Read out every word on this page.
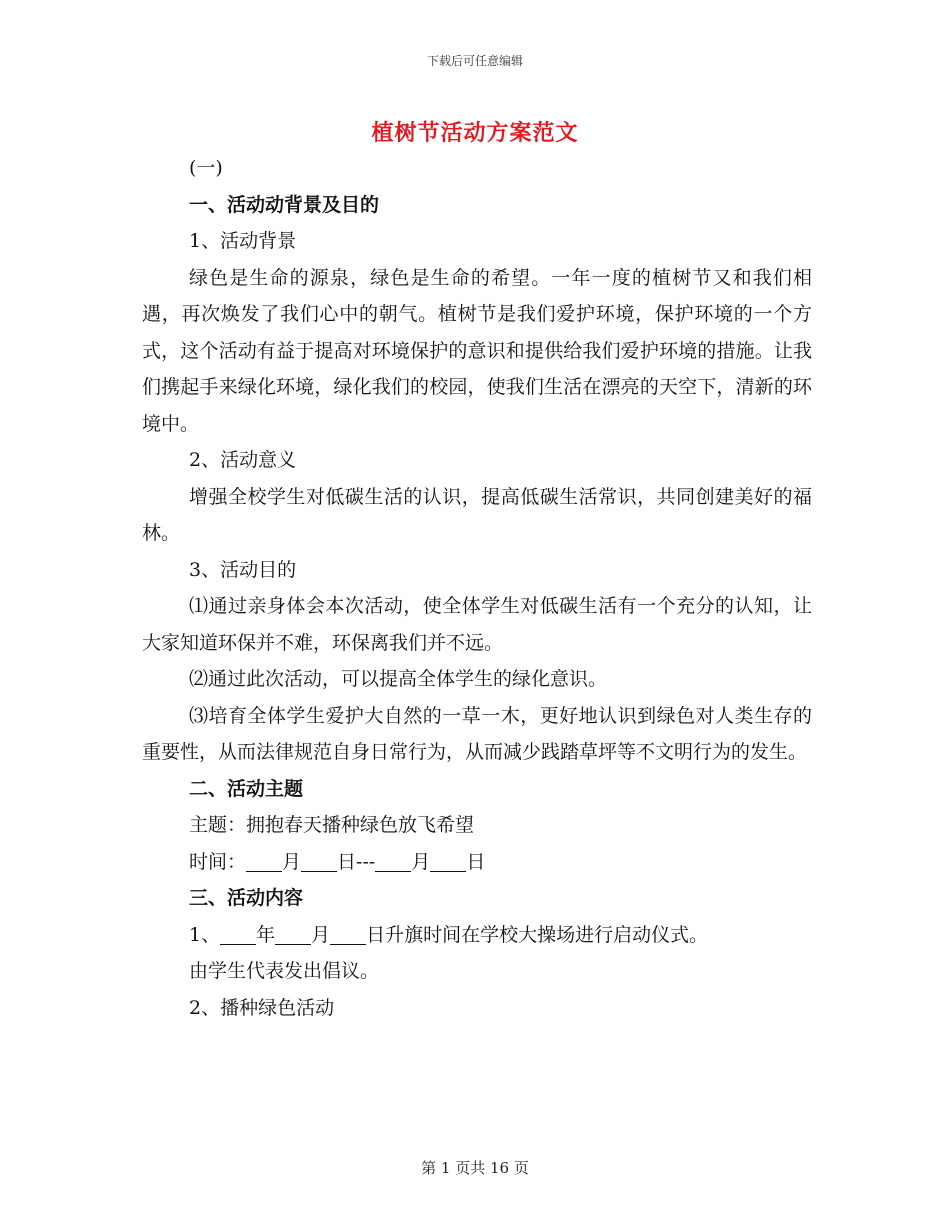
下载后可任意编辑
植树节活动方案范文

(一)

一、活动动背景及目的

1、活动背景

绿色是生命的源泉，绿色是生命的希望。一年一度的植树节又和我们相遇，再次焕发了我们心中的朝气。植树节是我们爱护环境，保护环境的一个方式，这个活动有益于提高对环境保护的意识和提供给我们爱护环境的措施。让我们携起手来绿化环境，绿化我们的校园，使我们生活在漂亮的天空下，清新的环境中。

2、活动意义

增强全校学生对低碳生活的认识，提高低碳生活常识，共同创建美好的福林。

3、活动目的

⑴通过亲身体会本次活动，使全体学生对低碳生活有一个充分的认知，让大家知道环保并不难，环保离我们并不远。

⑵通过此次活动，可以提高全体学生的绿化意识。

⑶培育全体学生爱护大自然的一草一木，更好地认识到绿色对人类生存的重要性，从而法律规范自身日常行为，从而减少践踏草坪等不文明行为的发生。

二、活动主题

主题：拥抱春天播种绿色放飞希望

时间： 月 日--- 月 日

三、活动内容

1、 年 月 日升旗时间在学校大操场进行启动仪式。

由学生代表发出倡议。

2、播种绿色活动

第 1 页共 16 页
